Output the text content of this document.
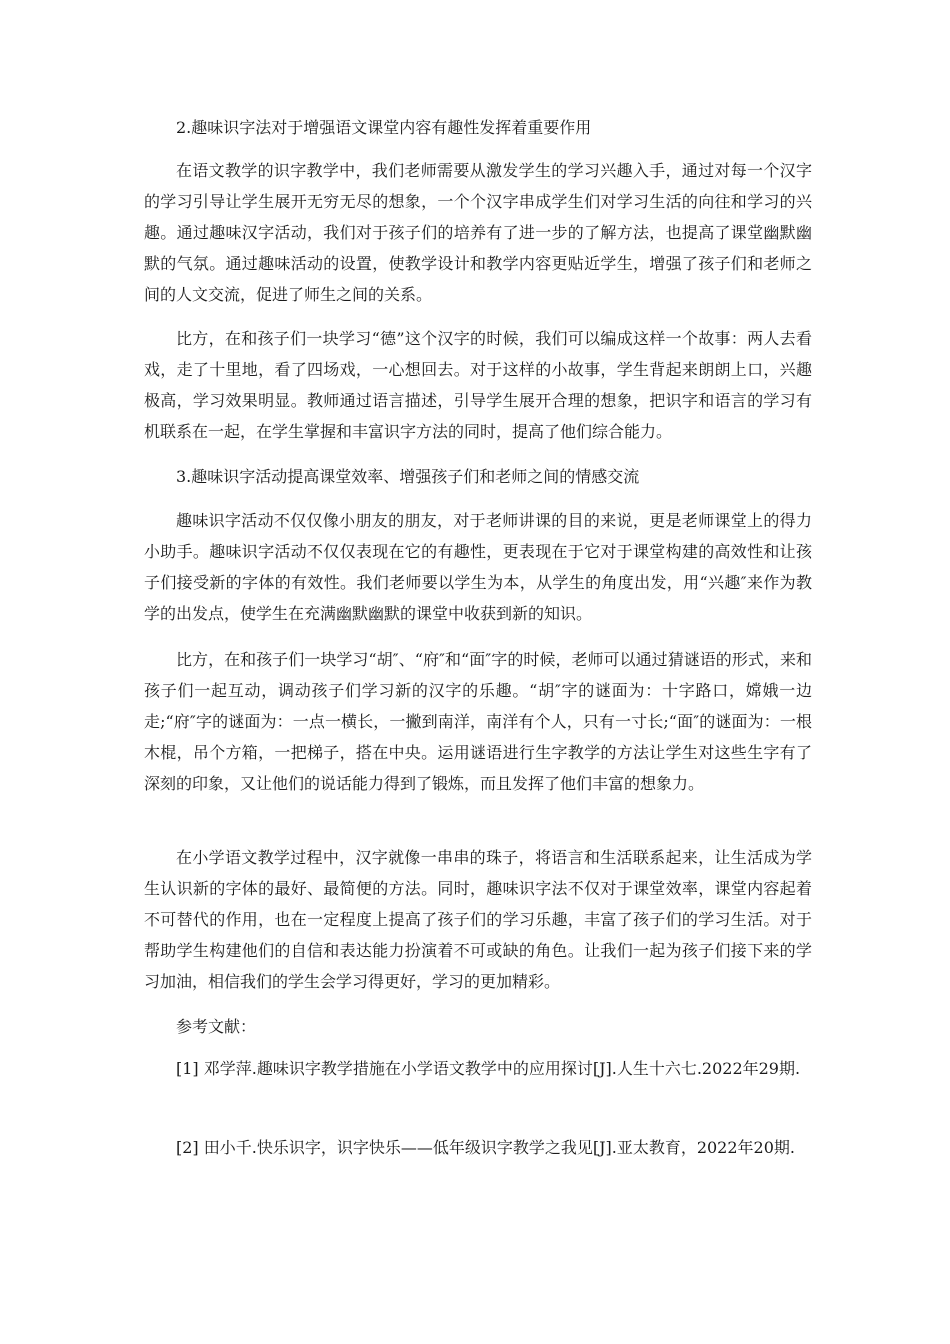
2.趣味识字法对于增强语文课堂内容有趣性发挥着重要作用

在语文教学的识字教学中，我们老师需要从激发学生的学习兴趣入手，通过对每一个汉字的学习引导让学生展开无穷无尽的想象，一个个汉字串成学生们对学习生活的向往和学习的兴趣。通过趣味汉字活动，我们对于孩子们的培养有了进一步的了解方法，也提高了课堂幽默幽默的气氛。通过趣味活动的设置，使教学设计和教学内容更贴近学生，增强了孩子们和老师之间的人文交流，促进了师生之间的关系。

比方，在和孩子们一块学习“德”这个汉字的时候，我们可以编成这样一个故事：两人去看戏，走了十里地，看了四场戏，一心想回去。对于这样的小故事，学生背起来朗朗上口，兴趣极高，学习效果明显。教师通过语言描述，引导学生展开合理的想象，把识字和语言的学习有机联系在一起，在学生掌握和丰富识字方法的同时，提高了他们综合能力。

3.趣味识字活动提高课堂效率、增强孩子们和老师之间的情感交流

趣味识字活动不仅仅像小朋友的朋友，对于老师讲课的目的来说，更是老师课堂上的得力小助手。趣味识字活动不仅仅表现在它的有趣性，更表现在于它对于课堂构建的高效性和让孩子们接受新的字体的有效性。我们老师要以学生为本，从学生的角度出发，用“兴趣″来作为教学的出发点，使学生在充满幽默幽默的课堂中收获到新的知识。

比方，在和孩子们一块学习“胡″、“府″和“面″字的时候，老师可以通过猜谜语的形式，来和孩子们一起互动，调动孩子们学习新的汉字的乐趣。“胡″字的谜面为：十字路口，嫦娥一边走;“府″字的谜面为：一点一横长，一撇到南洋，南洋有个人，只有一寸长;“面″的谜面为：一根木棍，吊个方箱，一把梯子，搭在中央。运用谜语进行生字教学的方法让学生对这些生字有了深刻的印象，又让他们的说话能力得到了锻炼，而且发挥了他们丰富的想象力。

在小学语文教学过程中，汉字就像一串串的珠子，将语言和生活联系起来，让生活成为学生认识新的字体的最好、最简便的方法。同时，趣味识字法不仅对于课堂效率，课堂内容起着不可替代的作用，也在一定程度上提高了孩子们的学习乐趣，丰富了孩子们的学习生活。对于帮助学生构建他们的自信和表达能力扮演着不可或缺的角色。让我们一起为孩子们接下来的学习加油，相信我们的学生会学习得更好，学习的更加精彩。

参考文献：

[1] 邓学萍.趣味识字教学措施在小学语文教学中的应用探讨[J].人生十六七.2022年29期.

[2] 田小千.快乐识字，识字快乐——低年级识字教学之我见[J].亚太教育，2022年20期.
